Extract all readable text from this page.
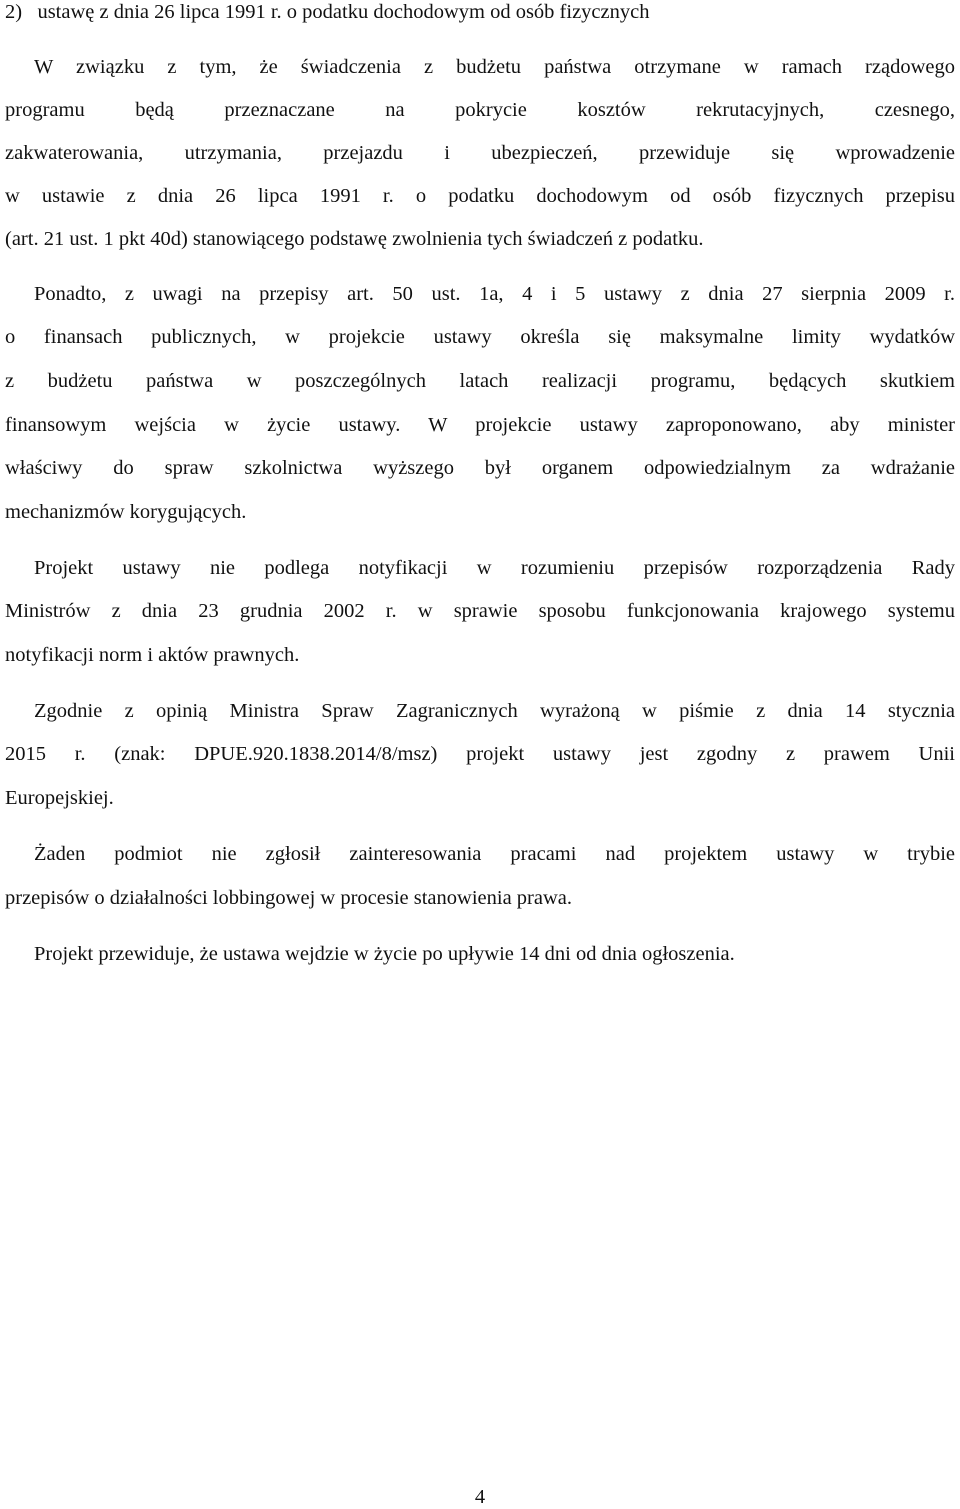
2)   ustawę z dnia 26 lipca 1991 r. o podatku dochodowym od osób fizycznych

W związku z tym, że świadczenia z budżetu państwa otrzymane w ramach rządowego

programu będą przeznaczane na pokrycie kosztów rekrutacyjnych, czesnego,

zakwaterowania, utrzymania, przejazdu i ubezpieczeń, przewiduje się wprowadzenie

w ustawie z dnia 26 lipca 1991 r. o podatku dochodowym od osób fizycznych przepisu

(art. 21 ust. 1 pkt 40d) stanowiącego podstawę zwolnienia tych świadczeń z podatku.

Ponadto, z uwagi na przepisy art. 50 ust. 1a, 4 i 5 ustawy z dnia 27 sierpnia 2009 r.

o finansach publicznych, w projekcie ustawy określa się maksymalne limity wydatków

z budżetu państwa w poszczególnych latach realizacji programu, będących skutkiem

finansowym wejścia w życie ustawy. W projekcie ustawy zaproponowano, aby minister

właściwy do spraw szkolnictwa wyższego był organem odpowiedzialnym za wdrażanie

mechanizmów korygujących.

Projekt ustawy nie podlega notyfikacji w rozumieniu przepisów rozporządzenia Rady

Ministrów z dnia 23 grudnia 2002 r. w sprawie sposobu funkcjonowania krajowego systemu

notyfikacji norm i aktów prawnych.

Zgodnie z opinią Ministra Spraw Zagranicznych wyrażoną w piśmie z dnia 14 stycznia

2015 r. (znak: DPUE.920.1838.2014/8/msz) projekt ustawy jest zgodny z prawem Unii

Europejskiej.

Żaden podmiot nie zgłosił zainteresowania pracami nad projektem ustawy w trybie

przepisów o działalności lobbingowej w procesie stanowienia prawa.

Projekt przewiduje, że ustawa wejdzie w życie po upływie 14 dni od dnia ogłoszenia.

4
